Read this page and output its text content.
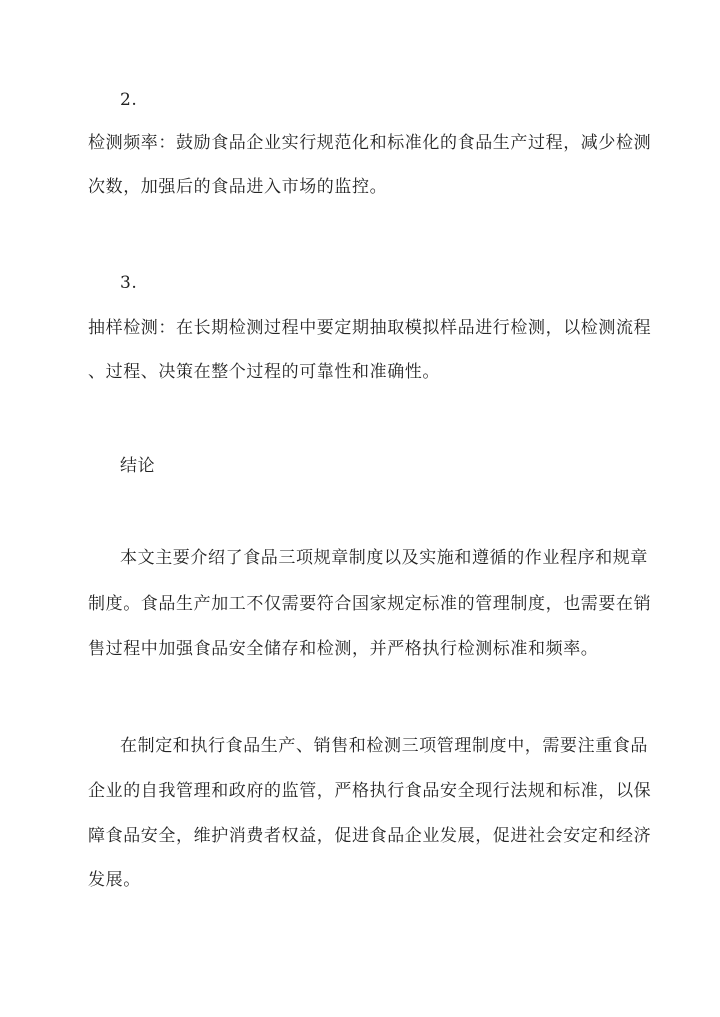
2.
检测频率：鼓励食品企业实行规范化和标准化的食品生产过程，减少检测
次数，加强后的食品进入市场的监控。
3.
抽样检测：在长期检测过程中要定期抽取模拟样品进行检测，以检测流程
、过程、决策在整个过程的可靠性和准确性。
结论
本文主要介绍了食品三项规章制度以及实施和遵循的作业程序和规章
制度。食品生产加工不仅需要符合国家规定标准的管理制度，也需要在销
售过程中加强食品安全储存和检测，并严格执行检测标准和频率。
在制定和执行食品生产、销售和检测三项管理制度中，需要注重食品
企业的自我管理和政府的监管，严格执行食品安全现行法规和标准，以保
障食品安全，维护消费者权益，促进食品企业发展，促进社会安定和经济
发展。
